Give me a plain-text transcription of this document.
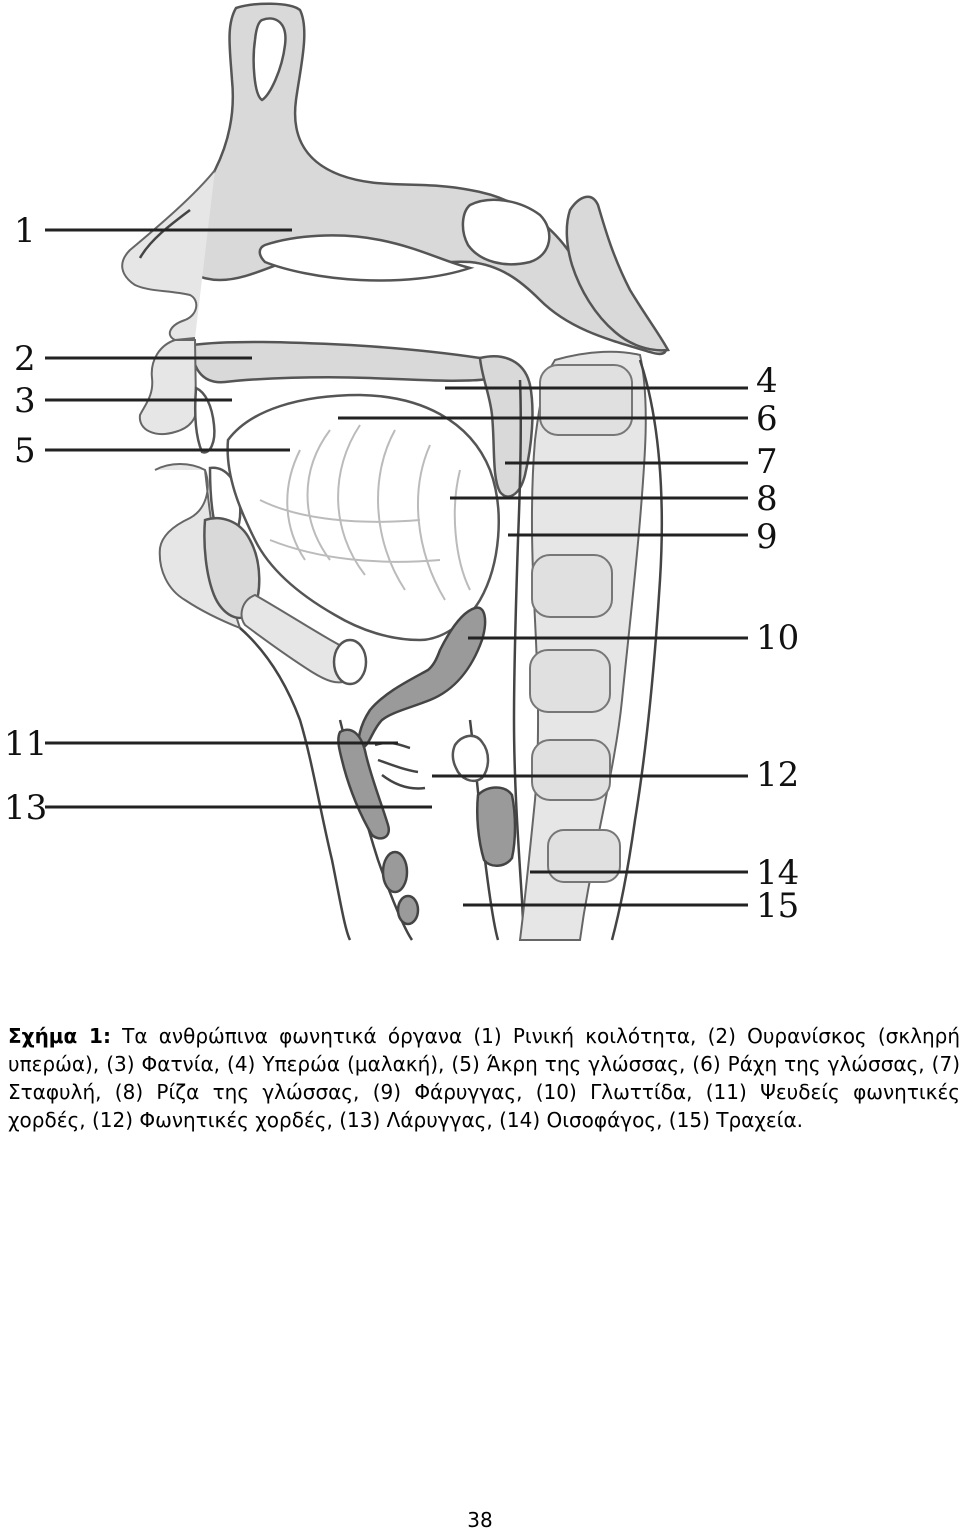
1
2
3
5
4
6
7
8
9
10
11
12
13
14
15

Σχήμα 1: Τα ανθρώπινα φωνητικά όργανα (1) Ρινική κοιλότητα, (2) Ουρανίσκος (σκληρή υπερώα), (3) Φατνία, (4) Υπερώα (μαλακή), (5) Άκρη της γλώσσας, (6) Ράχη της γλώσσας, (7) Σταφυλή, (8) Ρίζα της γλώσσας, (9) Φάρυγγας, (10) Γλωττίδα, (11) Ψευδείς φωνητικές χορδές, (12) Φωνητικές χορδές, (13) Λάρυγγας, (14) Οισοφάγος, (15) Τραχεία.

38
